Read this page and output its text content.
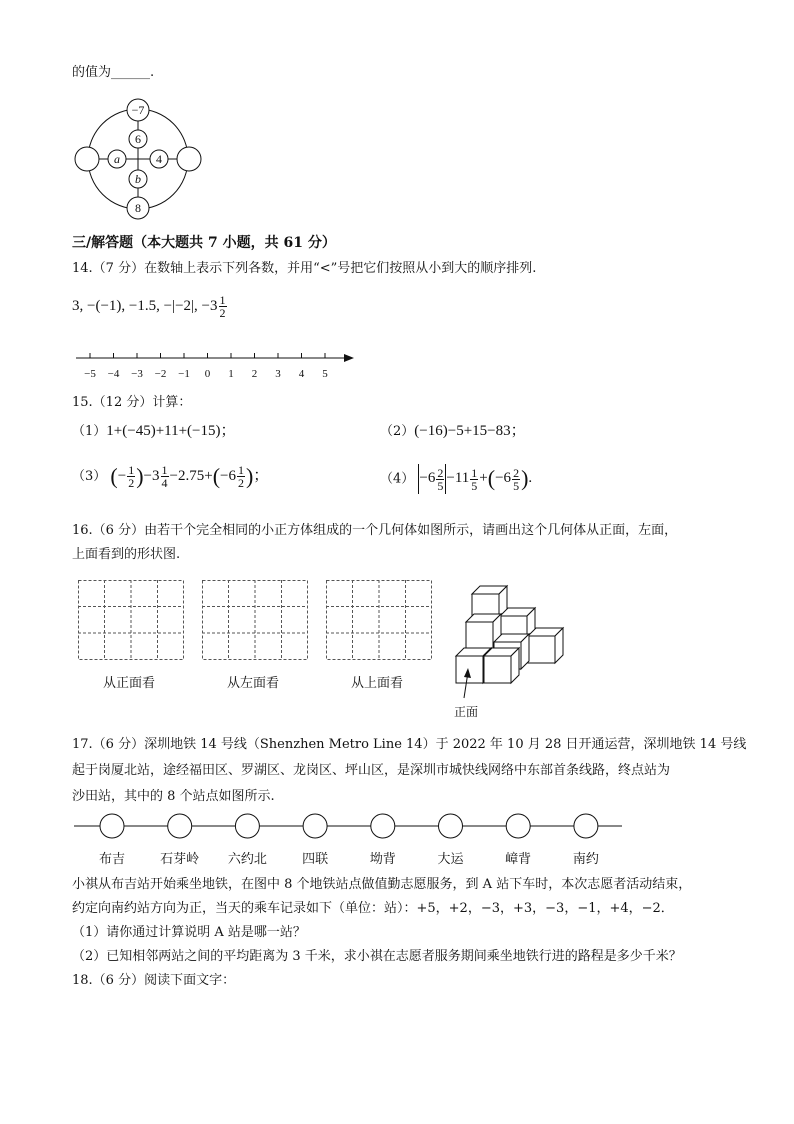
的值为______.
−7
6
a	4
b
8
三/解答题（本大题共 7 小题，共 61 分）
14.（7 分）在数轴上表示下列各数，并用“<”号把它们按照从小到大的顺序排列.
3, −(−1), −1.5, −|−2|, $-3 \frac{1}{2}$
−5 −4 −3 −2 −1 0 1 2 3 4 5
15.（12 分）计算：
（1）1+(−45)+11+(−15)；	（2）(−16)−5+15−83；
（3） (− $\frac{1}{2} )-3 \frac{1}{4} -2.75+(-6 \frac{1}{2}$ )；	$(4) -6 \frac{2}{5} -11 \frac{1}{5} +(-6 \frac{2}{5}$ ).
16.（6 分）由若干个完全相同的小正方体组成的一个几何体如图所示，请画出这个几何体从正面，左面，
上面看到的形状图.
从正面看	从左面看	从上面看
正面
17.（6 分）深圳地铁 14 号线（Shenzhen Metro Line 14）于 2022 年 10 月 28 日开通运营，深圳地铁 14 号线
起于岗厦北站，途经福田区、罗湖区、龙岗区、坪山区，是深圳市城快线网络中东部首条线路，终点站为
沙田站，其中的 8 个站点如图所示.
布吉	石芽岭	六约北	四联	坳背	大运	嶂背	南约
小祺从布吉站开始乘坐地铁，在图中 8 个地铁站点做值勤志愿服务，到 A 站下车时，本次志愿者活动结束，
约定向南约站方向为正，当天的乘车记录如下（单位：站）：+5，+2，−3，+3，−3，−1，+4，−2．
（1）请你通过计算说明 A 站是哪一站？
（2）已知相邻两站之间的平均距离为 3 千米，求小祺在志愿者服务期间乘坐地铁行进的路程是多少千米？
18.（6 分）阅读下面文字：
